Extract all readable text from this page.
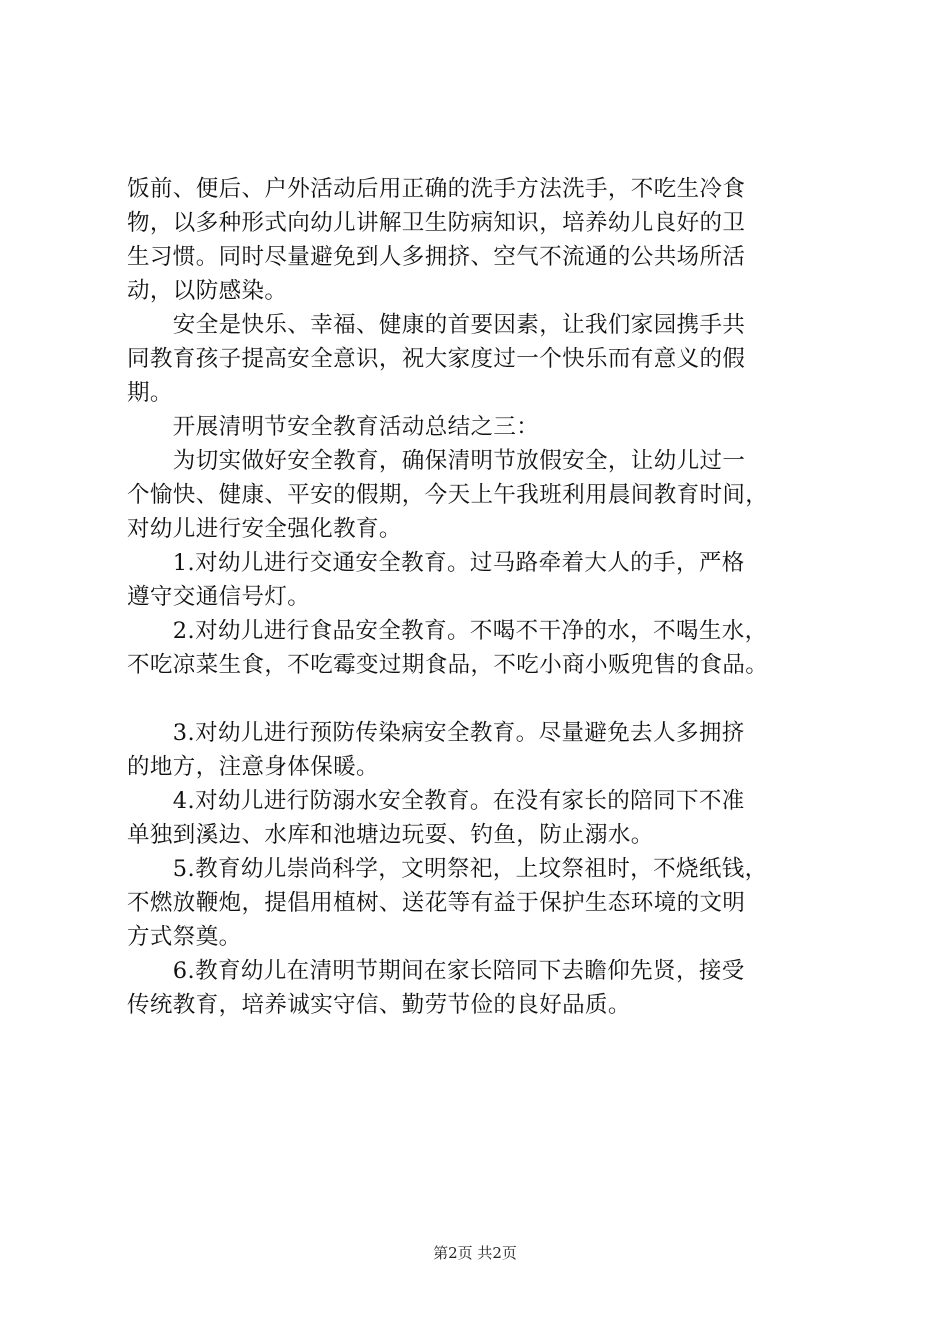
饭前、便后、户外活动后用正确的洗手方法洗手，不吃生冷食
物，以多种形式向幼儿讲解卫生防病知识，培养幼儿良好的卫
生习惯。同时尽量避免到人多拥挤、空气不流通的公共场所活
动，以防感染。
　　安全是快乐、幸福、健康的首要因素，让我们家园携手共
同教育孩子提高安全意识，祝大家度过一个快乐而有意义的假
期。
　　开展清明节安全教育活动总结之三：
　　为切实做好安全教育，确保清明节放假安全，让幼儿过一
个愉快、健康、平安的假期，今天上午我班利用晨间教育时间，
对幼儿进行安全强化教育。
　　1.对幼儿进行交通安全教育。过马路牵着大人的手，严格
遵守交通信号灯。
　　2.对幼儿进行食品安全教育。不喝不干净的水，不喝生水，
不吃凉菜生食，不吃霉变过期食品，不吃小商小贩兜售的食品。
　　3.对幼儿进行预防传染病安全教育。尽量避免去人多拥挤
的地方，注意身体保暖。
　　4.对幼儿进行防溺水安全教育。在没有家长的陪同下不准
单独到溪边、水库和池塘边玩耍、钓鱼，防止溺水。
　　5.教育幼儿崇尚科学，文明祭祀，上坟祭祖时，不烧纸钱，
不燃放鞭炮，提倡用植树、送花等有益于保护生态环境的文明
方式祭奠。
　　6.教育幼儿在清明节期间在家长陪同下去瞻仰先贤，接受
传统教育，培养诚实守信、勤劳节俭的良好品质。
第2页 共2页
